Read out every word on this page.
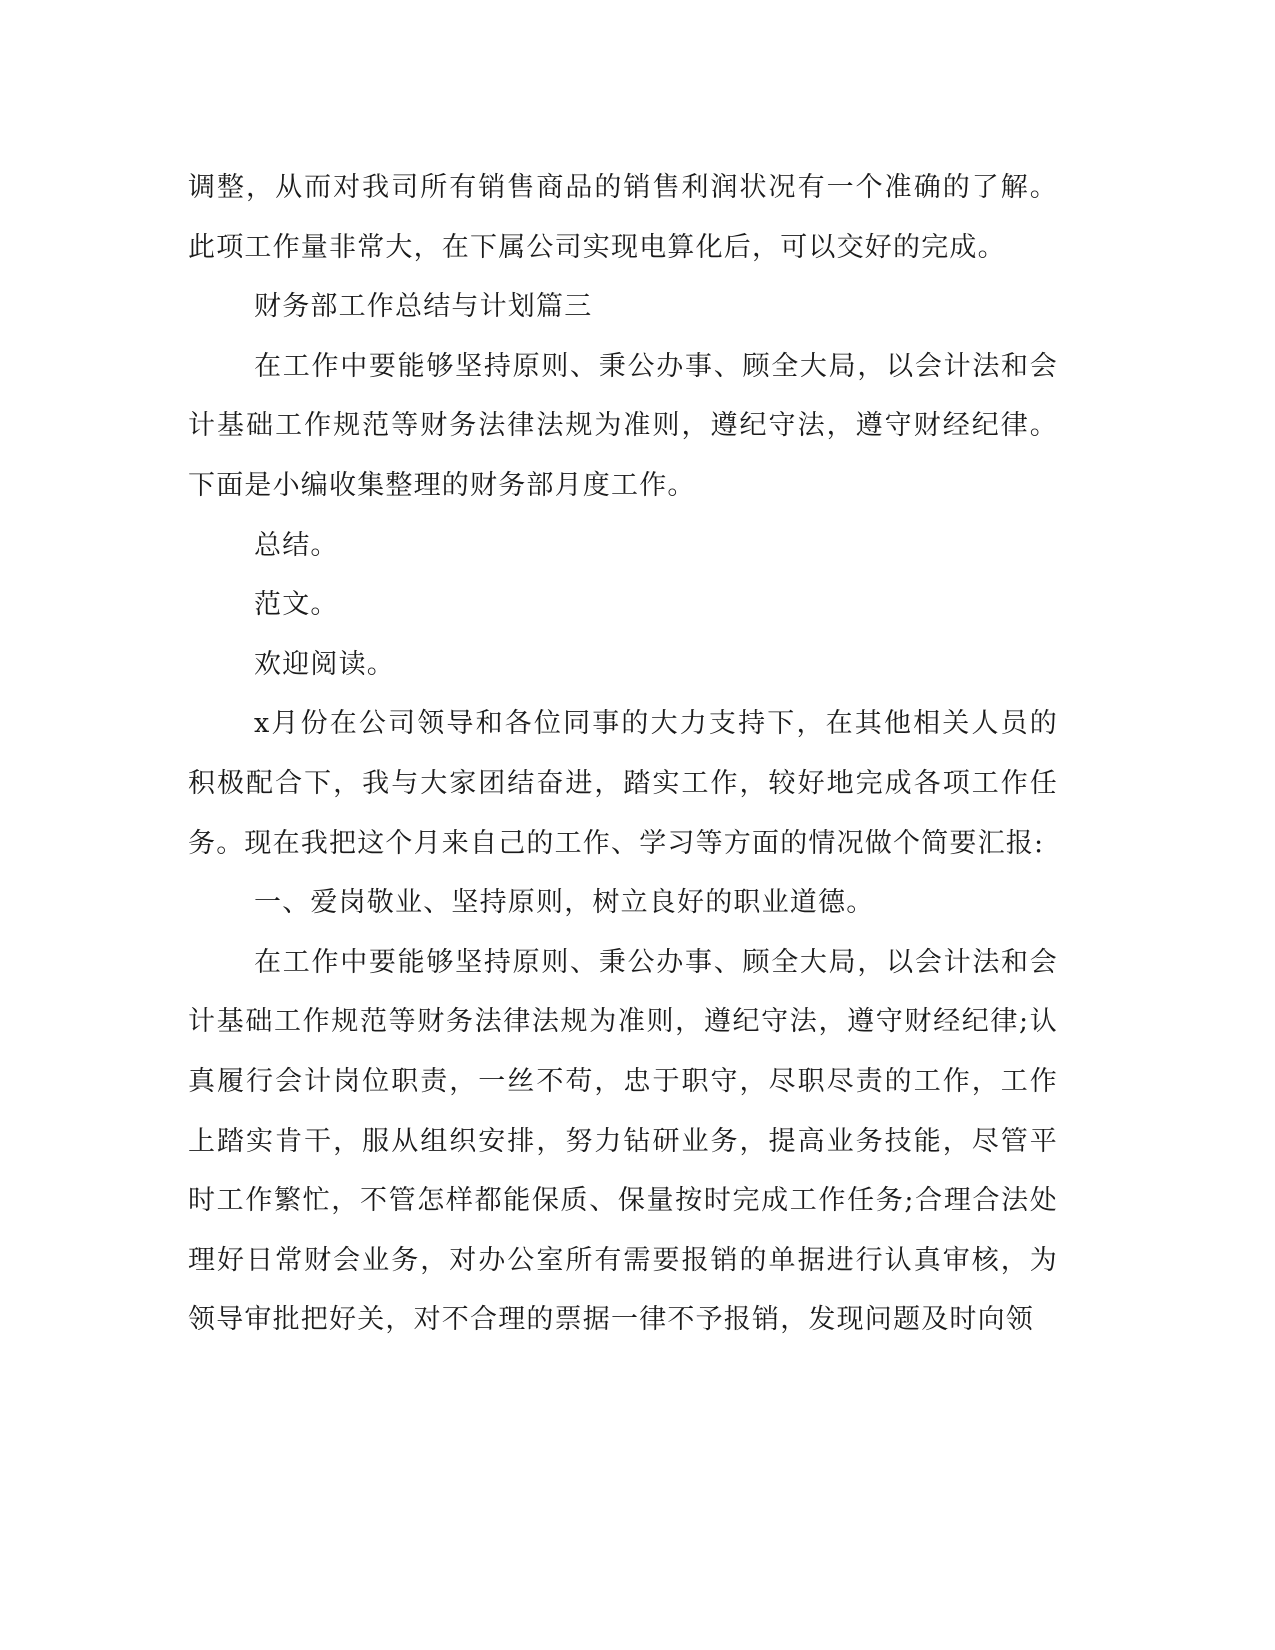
调整，从而对我司所有销售商品的销售利润状况有一个准确的了解。此项工作量非常大，在下属公司实现电算化后，可以交好的完成。

财务部工作总结与计划篇三

在工作中要能够坚持原则、秉公办事、顾全大局，以会计法和会计基础工作规范等财务法律法规为准则，遵纪守法，遵守财经纪律。下面是小编收集整理的财务部月度工作。

总结。

范文。

欢迎阅读。

x月份在公司领导和各位同事的大力支持下，在其他相关人员的积极配合下，我与大家团结奋进，踏实工作，较好地完成各项工作任务。现在我把这个月来自己的工作、学习等方面的情况做个简要汇报:

一、爱岗敬业、坚持原则，树立良好的职业道德。

在工作中要能够坚持原则、秉公办事、顾全大局，以会计法和会计基础工作规范等财务法律法规为准则，遵纪守法，遵守财经纪律;认真履行会计岗位职责，一丝不苟，忠于职守，尽职尽责的工作，工作上踏实肯干，服从组织安排，努力钻研业务，提高业务技能，尽管平时工作繁忙，不管怎样都能保质、保量按时完成工作任务;合理合法处理好日常财会业务，对办公室所有需要报销的单据进行认真审核，为领导审批把好关，对不合理的票据一律不予报销，发现问题及时向领
